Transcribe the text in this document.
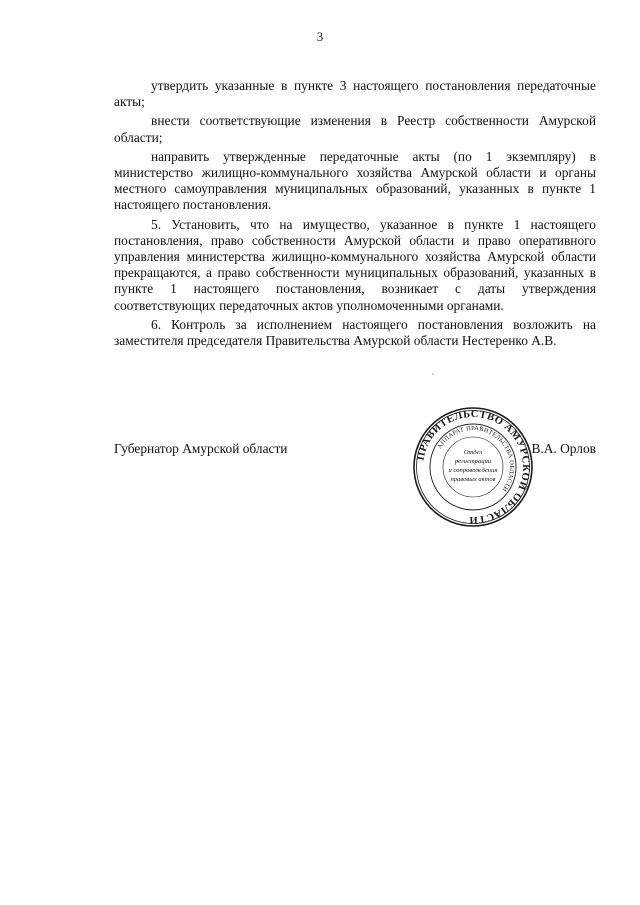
3

утвердить указанные в пункте 3 настоящего постановления передаточные акты;

внести соответствующие изменения в Реестр собственности Амурской области;

направить утвержденные передаточные акты (по 1 экземпляру) в министерство жилищно-коммунального хозяйства Амурской области и органы местного самоуправления муниципальных образований, указанных в пункте 1 настоящего постановления.

5. Установить, что на имущество, указанное в пункте 1 настоящего постановления, право собственности Амурской области и право оперативного управления министерства жилищно-коммунального хозяйства Амурской области прекращаются, а право собственности муниципальных образований, указанных в пункте 1 настоящего постановления, возникает с даты утверждения соответствующих передаточных актов уполномоченными органами.

6. Контроль за исполнением настоящего постановления возложить на заместителя председателя Правительства Амурской области Нестеренко А.В.

Губернатор Амурской области	В.А. Орлов
ПРАВИТЕЛЬСТВО АМУРСКОЙ ОБЛАСТИ
АППАРАТ ПРАВИТЕЛЬСТВА ОБЛАСТИ
Отдел
регистрации
и сопровождения
правовых актов
